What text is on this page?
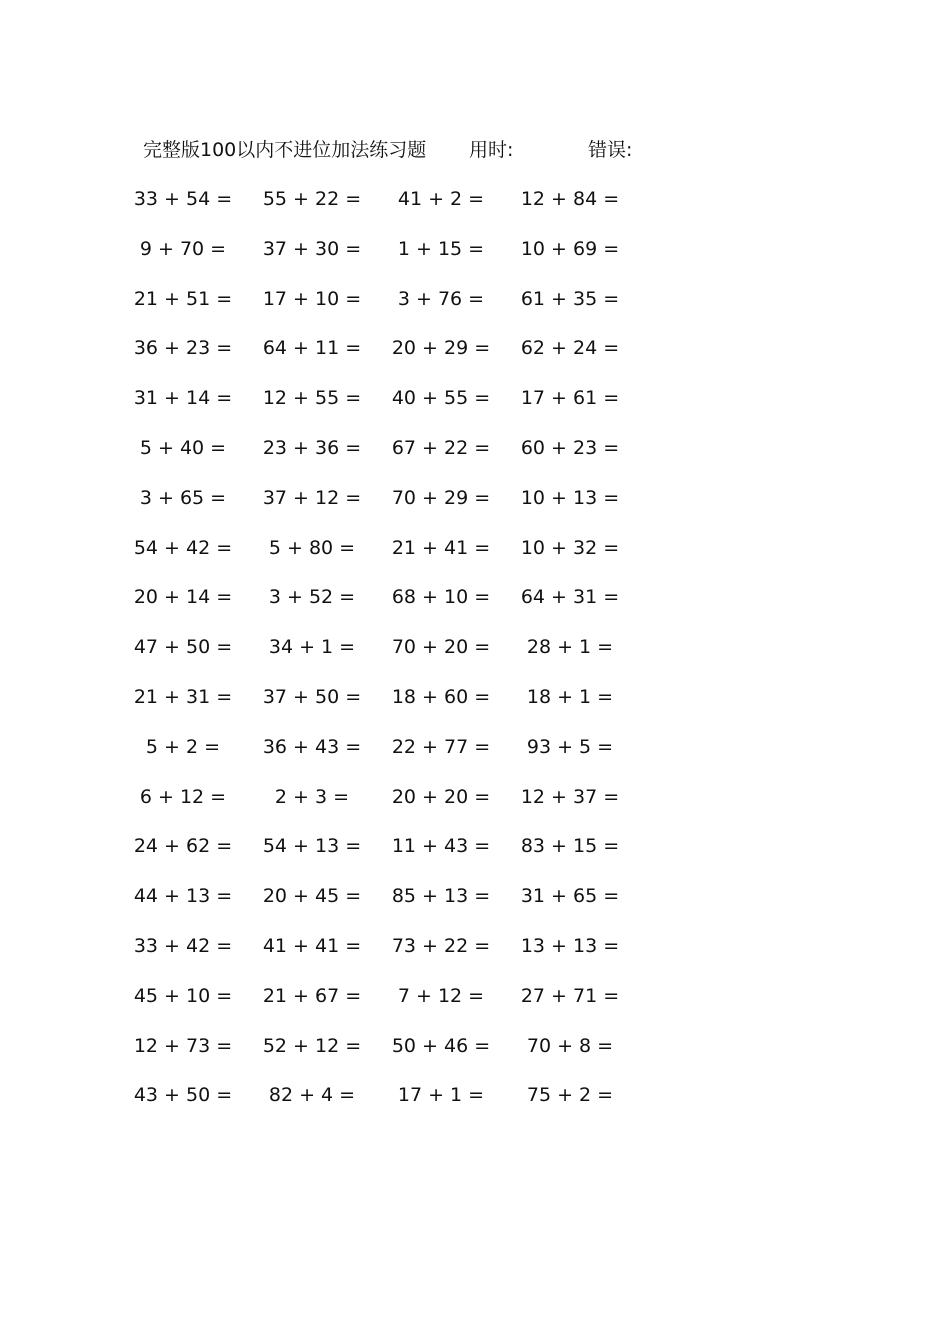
完整版100以内不进位加法练习题 用时:	错误:
33 + 54 = 55 + 22 =	41 + 2 =	12 + 84 =
9 + 70 =	37 + 30 =	1 + 15 =	10 + 69 =
21 + 51 = 17 + 10 =	3 + 76 =	61 + 35 =
36 + 23 = 64 + 11 = 20 + 29 = 62 + 24 =
31 + 14 = 12 + 55 = 40 + 55 = 17 + 61 =
5 + 40 =	23 + 36 = 67 + 22 = 60 + 23 =
3 + 65 =	37 + 12 = 70 + 29 = 10 + 13 =
54 + 42 =	5 + 80 =	21 + 41 = 10 + 32 =
20 + 14 =	3 + 52 =	68 + 10 = 64 + 31 =
47 + 50 =	34 + 1 =	70 + 20 =	28 + 1 =
21 + 31 = 37 + 50 = 18 + 60 =	18 + 1 =
5 + 2 =	36 + 43 = 22 + 77 =	93 + 5 =
6 + 12 =	2 + 3 =	20 + 20 = 12 + 37 =
24 + 62 = 54 + 13 = 11 + 43 = 83 + 15 =
44 + 13 = 20 + 45 = 85 + 13 = 31 + 65 =
33 + 42 = 41 + 41 = 73 + 22 = 13 + 13 =
45 + 10 = 21 + 67 =	7 + 12 =	27 + 71 =
12 + 73 = 52 + 12 = 50 + 46 =	70 + 8 =
43 + 50 =	82 + 4 =	17 + 1 =	75 + 2 =
